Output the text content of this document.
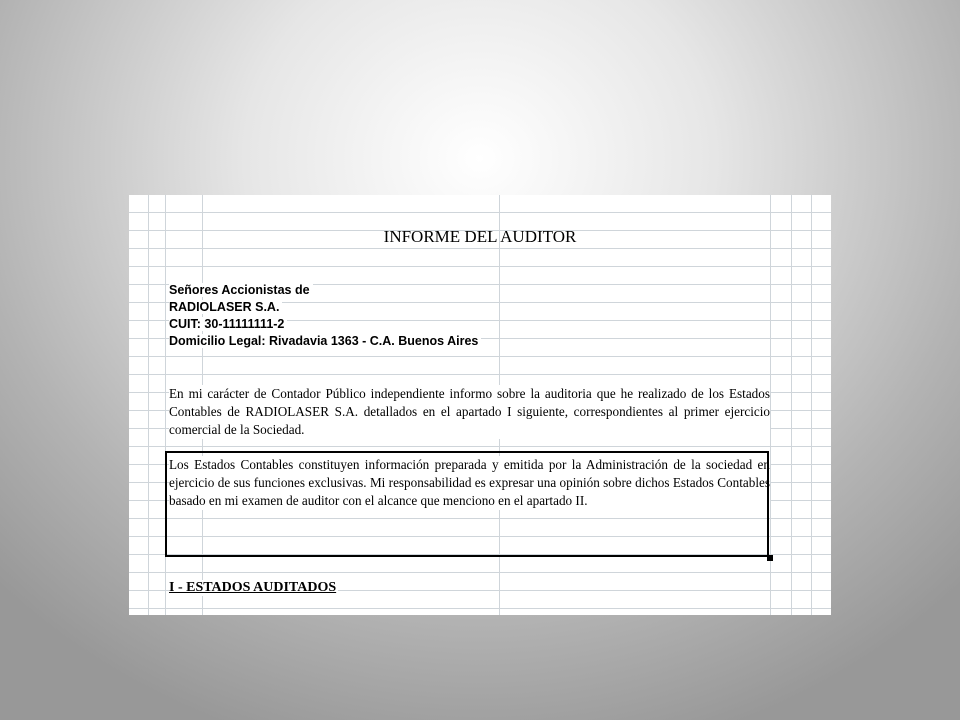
INFORME DEL AUDITOR
Señores Accionistas de
RADIOLASER S.A.
CUIT: 30-11111111-2
Domicilio Legal: Rivadavia 1363 - C.A. Buenos Aires
En mi carácter de Contador Público independiente informo sobre la auditoria que he realizado de los Estados Contables de RADIOLASER S.A. detallados en el apartado I siguiente, correspondientes al primer ejercicio comercial de la Sociedad.
Los Estados Contables constituyen información preparada y emitida por la Administración de la sociedad en ejercicio de sus funciones exclusivas. Mi responsabilidad es expresar una opinión sobre dichos Estados Contables basado en mi examen de auditor con el alcance que menciono en el apartado II.
I - ESTADOS AUDITADOS
